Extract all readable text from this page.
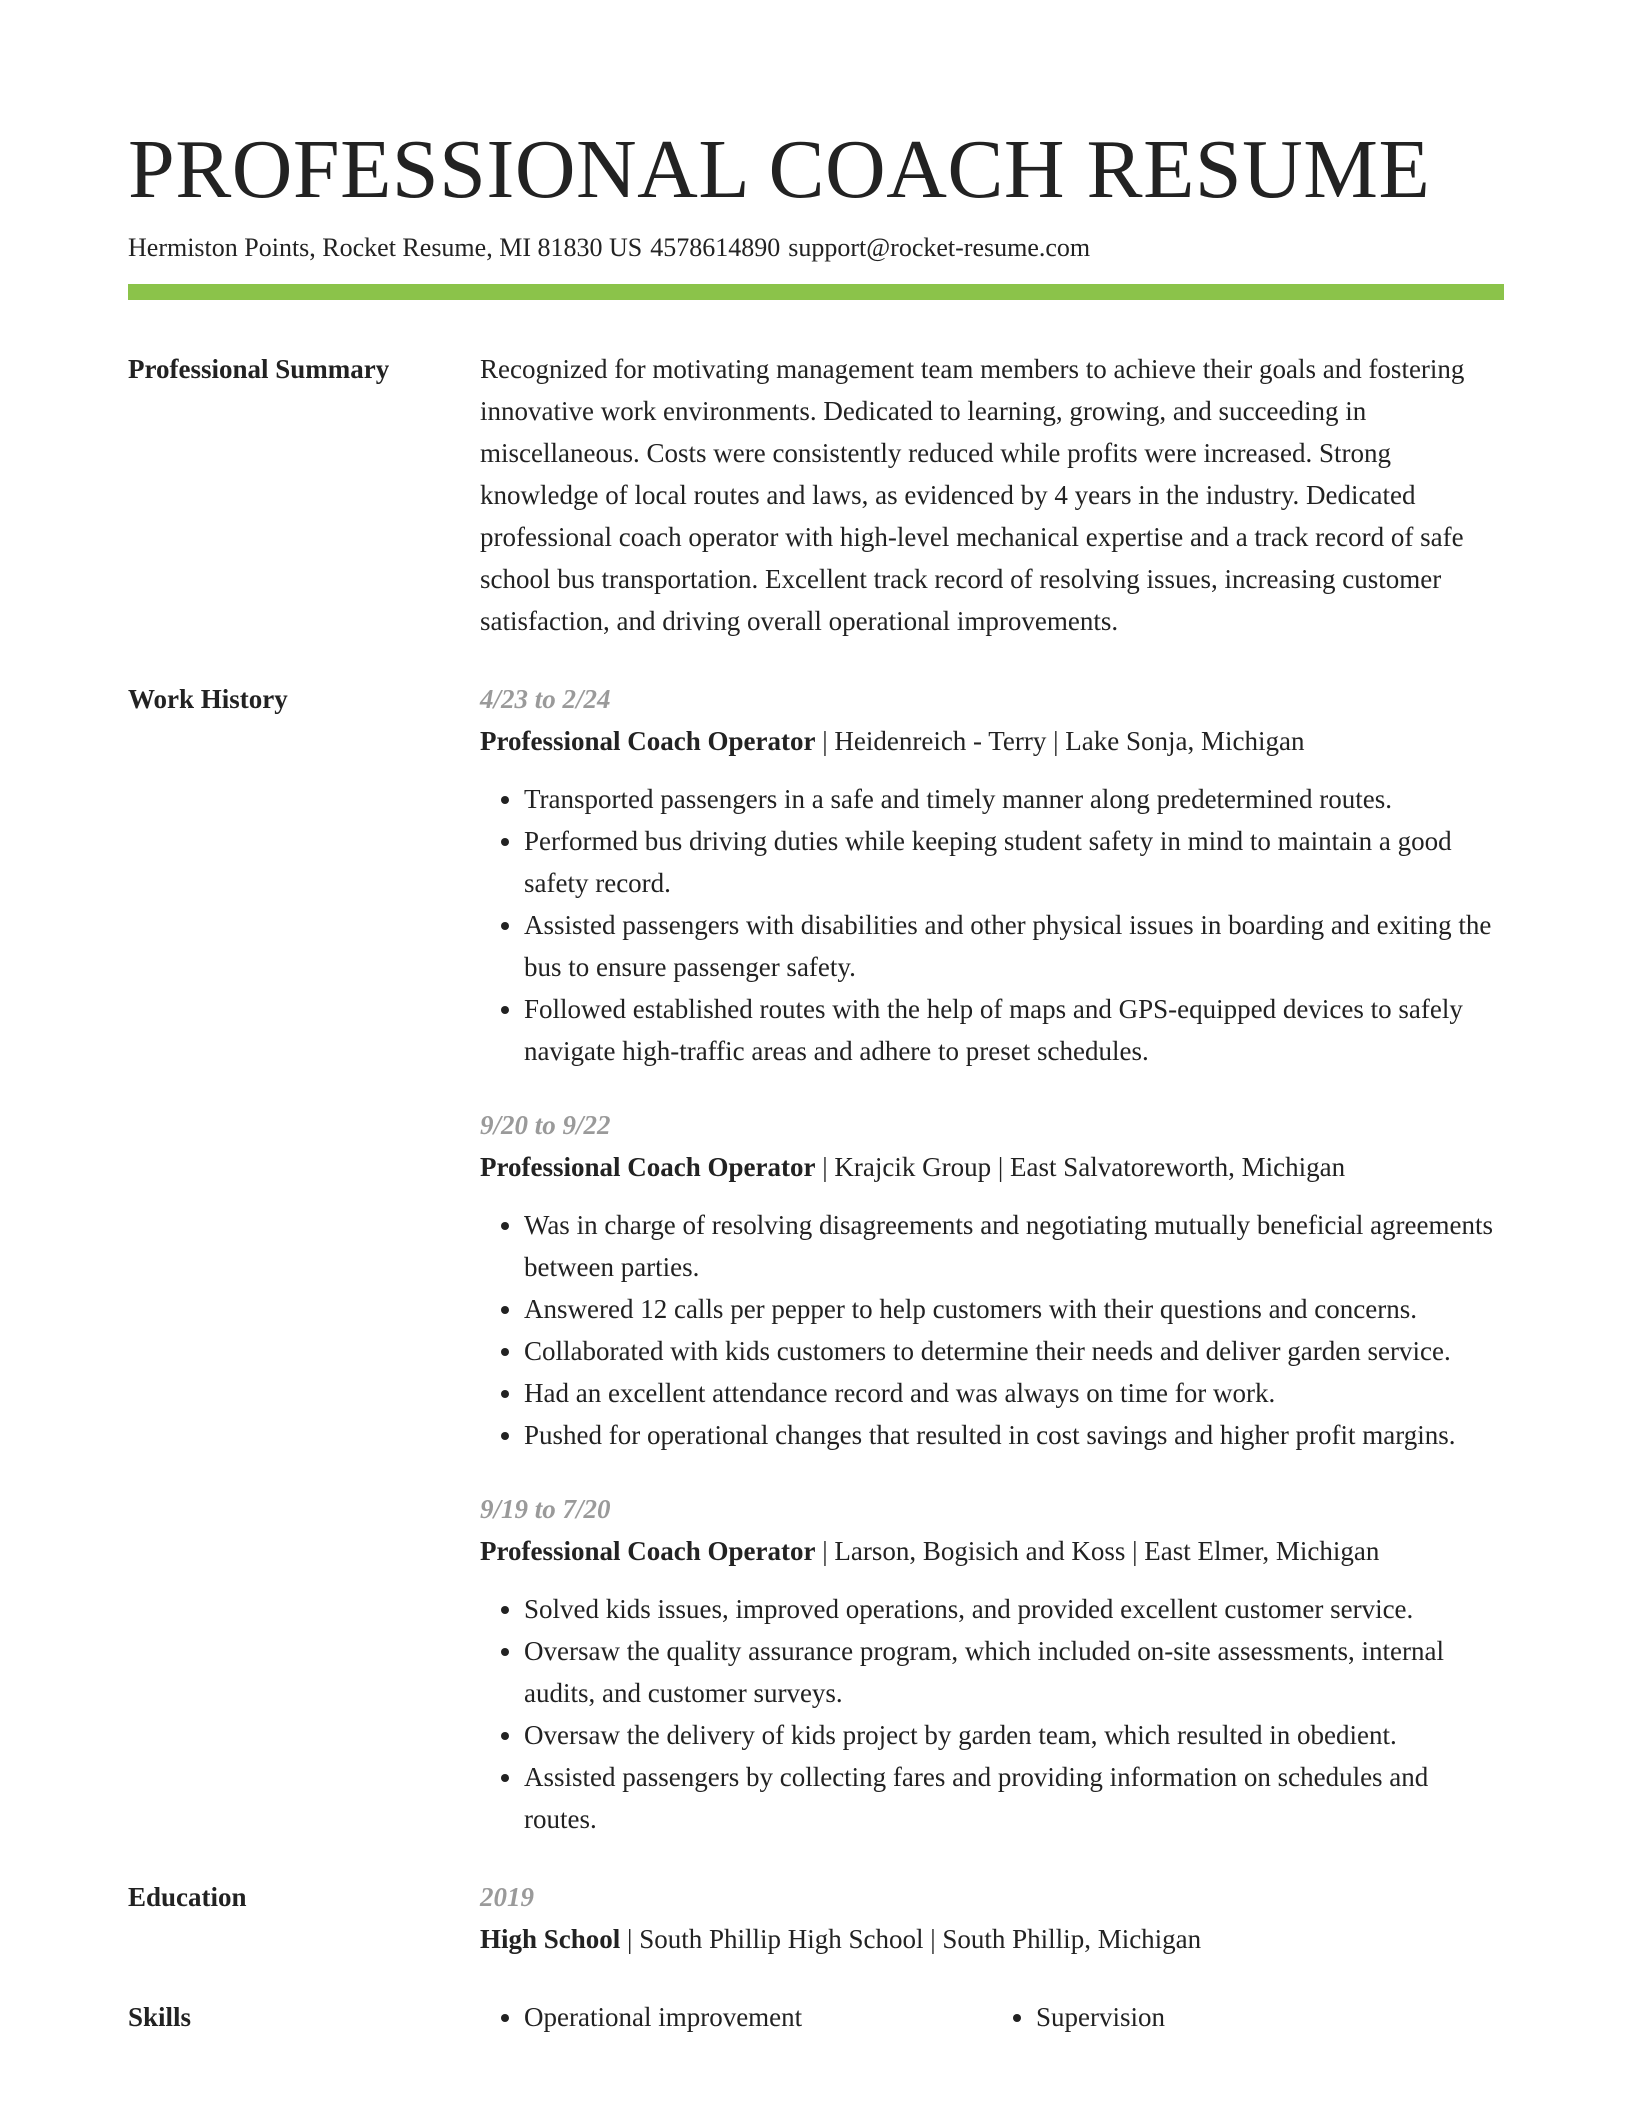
PROFESSIONAL COACH RESUME
Hermiston Points, Rocket Resume, MI 81830 US 4578614890 support@rocket-resume.com
Professional Summary	Recognized for motivating management team members to achieve their goals and fostering innovative work environments. Dedicated to learning, growing, and succeeding in miscellaneous. Costs were consistently reduced while profits were increased. Strong knowledge of local routes and laws, as evidenced by 4 years in the industry. Dedicated professional coach operator with high-level mechanical expertise and a track record of safe school bus transportation. Excellent track record of resolving issues, increasing customer satisfaction, and driving overall operational improvements.

Work History	4/23 to 2/24
Professional Coach Operator | Heidenreich - Terry | Lake Sonja, Michigan
• Transported passengers in a safe and timely manner along predetermined routes.
• Performed bus driving duties while keeping student safety in mind to maintain a good safety record.
• Assisted passengers with disabilities and other physical issues in boarding and exiting the bus to ensure passenger safety.
• Followed established routes with the help of maps and GPS-equipped devices to safely navigate high-traffic areas and adhere to preset schedules.
9/20 to 9/22
Professional Coach Operator | Krajcik Group | East Salvatoreworth, Michigan
• Was in charge of resolving disagreements and negotiating mutually beneficial agreements between parties.
• Answered 12 calls per pepper to help customers with their questions and concerns.
• Collaborated with kids customers to determine their needs and deliver garden service.
• Had an excellent attendance record and was always on time for work.
• Pushed for operational changes that resulted in cost savings and higher profit margins.
9/19 to 7/20
Professional Coach Operator | Larson, Bogisich and Koss | East Elmer, Michigan
• Solved kids issues, improved operations, and provided excellent customer service.
• Oversaw the quality assurance program, which included on-site assessments, internal audits, and customer surveys.
• Oversaw the delivery of kids project by garden team, which resulted in obedient.
• Assisted passengers by collecting fares and providing information on schedules and routes.
Education	2019
High School | South Phillip High School | South Phillip, Michigan
Skills	• Operational improvement	• Supervision
